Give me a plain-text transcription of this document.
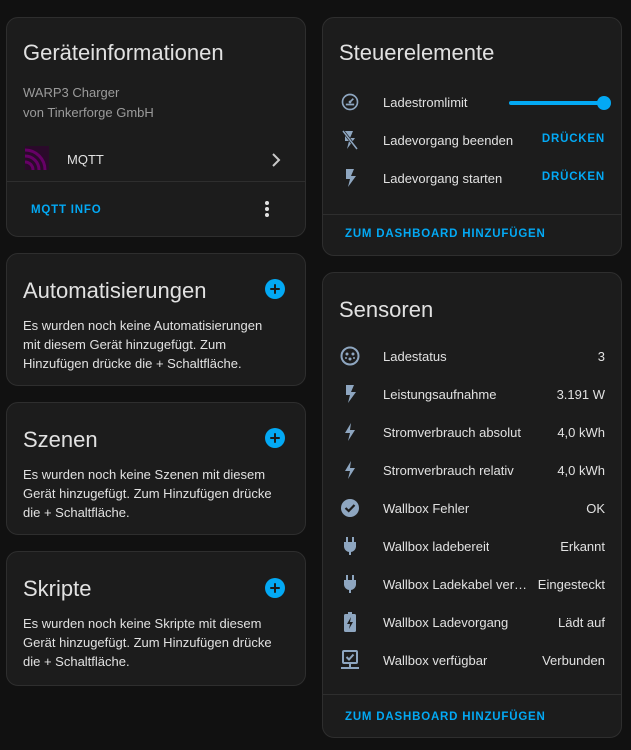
Geräteinformationen
WARP3 Charger
von Tinkerforge GmbH
MQTT
MQTT INFO
Automatisierungen
Es wurden noch keine Automatisierungen mit diesem Gerät hinzugefügt. Zum Hinzufügen drücke die + Schaltfläche.
Szenen
Es wurden noch keine Szenen mit diesem Gerät hinzugefügt. Zum Hinzufügen drücke die + Schaltfläche.
Skripte
Es wurden noch keine Skripte mit diesem Gerät hinzugefügt. Zum Hinzufügen drücke die + Schaltfläche.
Steuerelemente
Ladestromlimit
Ladevorgang beenden	DRÜCKEN
Ladevorgang starten	DRÜCKEN
ZUM DASHBOARD HINZUFÜGEN
Sensoren
Ladestatus	3
Leistungsaufnahme	3.191 W
Stromverbrauch absolut	4,0 kWh
Stromverbrauch relativ	4,0 kWh
Wallbox Fehler	OK
Wallbox ladebereit	Erkannt
Wallbox Ladekabel ver… Eingesteckt
Wallbox Ladevorgang	Lädt auf
Wallbox verfügbar	Verbunden
ZUM DASHBOARD HINZUFÜGEN
